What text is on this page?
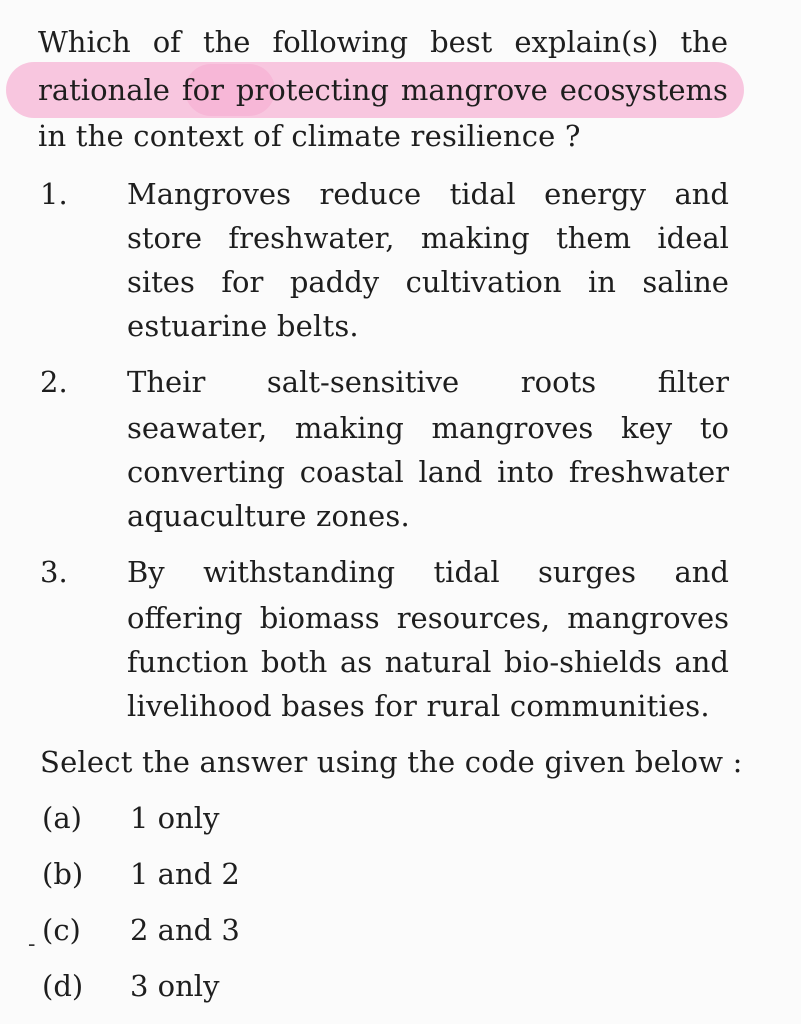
Which of the following best explain(s) the
rationale for protecting mangrove ecosystems
in the context of climate resilience ?
1. Mangroves reduce tidal energy and
store freshwater, making them ideal
sites for paddy cultivation in saline
estuarine belts.
2. Their salt-sensitive roots filter
seawater, making mangroves key to
converting coastal land into freshwater
aquaculture zones.
3. By withstanding tidal surges and
offering biomass resources, mangroves
function both as natural bio-shields and
livelihood bases for rural communities.
Select the answer using the code given below :
(a) 1 only
(b) 1 and 2
- (c) 2 and 3
(d) 3 only
